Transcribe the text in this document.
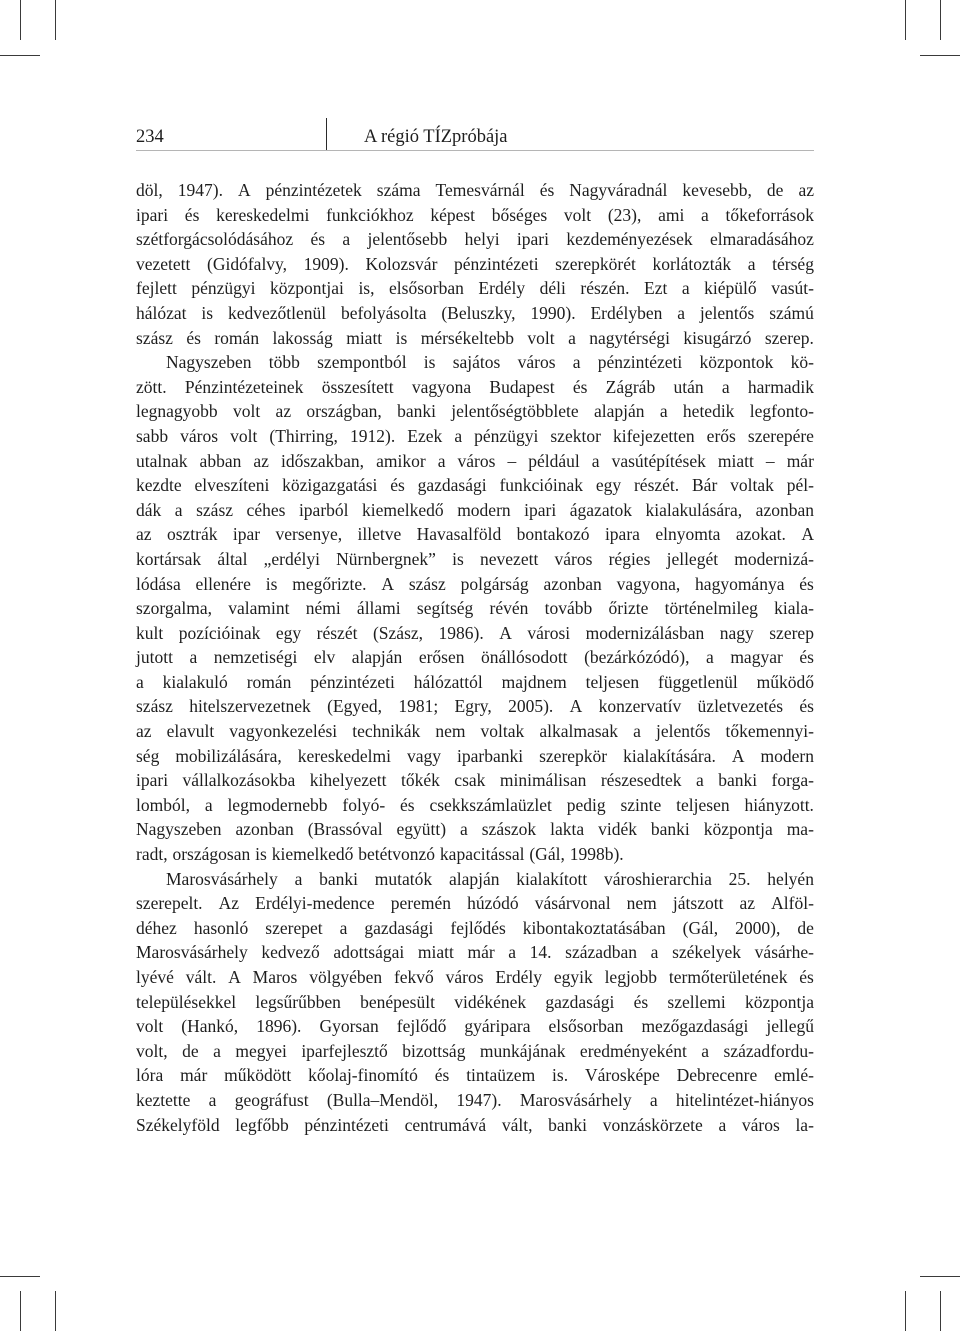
234	A régió TÍZpróbája
döl, 1947). A pénzintézetek száma Temesvárnál és Nagyváradnál kevesebb, de az
ipari és kereskedelmi funkciókhoz képest bőséges volt (23), ami a tőkeforrások
szétforgácsolódásához és a jelentősebb helyi ipari kezdeményezések elmaradásához
vezetett (Gidófalvy, 1909). Kolozsvár pénzintézeti szerepkörét korlátozták a térség
fejlett pénzügyi központjai is, elsősorban Erdély déli részén. Ezt a kiépülő vasút-
hálózat is kedvezőtlenül befolyásolta (Beluszky, 1990). Erdélyben a jelentős számú
szász és román lakosság miatt is mérsékeltebb volt a nagytérségi kisugárzó szerep.
Nagyszeben több szempontból is sajátos város a pénzintézeti központok kö-
zött. Pénzintézeteinek összesített vagyona Budapest és Zágráb után a harmadik
legnagyobb volt az országban, banki jelentőségtöbblete alapján a hetedik legfonto-
sabb város volt (Thirring, 1912). Ezek a pénzügyi szektor kifejezetten erős szerepére
utalnak abban az időszakban, amikor a város – például a vasútépítések miatt – már
kezdte elveszíteni közigazgatási és gazdasági funkcióinak egy részét. Bár voltak pél-
dák a szász céhes iparból kiemelkedő modern ipari ágazatok kialakulására, azonban
az osztrák ipar versenye, illetve Havasalföld bontakozó ipara elnyomta azokat. A
kortársak által „erdélyi Nürnbergnek” is nevezett város régies jellegét modernizá-
lódása ellenére is megőrizte. A szász polgárság azonban vagyona, hagyománya és
szorgalma, valamint némi állami segítség révén tovább őrizte történelmileg kiala-
kult pozícióinak egy részét (Szász, 1986). A városi modernizálásban nagy szerep
jutott a nemzetiségi elv alapján erősen önállósodott (bezárkózódó), a magyar és
a kialakuló román pénzintézeti hálózattól majdnem teljesen függetlenül működő
szász hitelszervezetnek (Egyed, 1981; Egry, 2005). A konzervatív üzletvezetés és
az elavult vagyonkezelési technikák nem voltak alkalmasak a jelentős tőkemennyi-
ség mobilizálására, kereskedelmi vagy iparbanki szerepkör kialakítására. A modern
ipari vállalkozásokba kihelyezett tőkék csak minimálisan részesedtek a banki forga-
lomból, a legmodernebb folyó- és csekkszámlaüzlet pedig szinte teljesen hiányzott.
Nagyszeben azonban (Brassóval együtt) a szászok lakta vidék banki központja ma-
radt, országosan is kiemelkedő betétvonzó kapacitással (Gál, 1998b).
Marosvásárhely a banki mutatók alapján kialakított városhierarchia 25. helyén
szerepelt. Az Erdélyi-medence peremén húzódó vásárvonal nem játszott az Alföl-
déhez hasonló szerepet a gazdasági fejlődés kibontakoztatásában (Gál, 2000), de
Marosvásárhely kedvező adottságai miatt már a 14. században a székelyek vásárhe-
lyévé vált. A Maros völgyében fekvő város Erdély egyik legjobb termőterületének és
településekkel legsűrűbben benépesült vidékének gazdasági és szellemi központja
volt (Hankó, 1896). Gyorsan fejlődő gyáripara elsősorban mezőgazdasági jellegű
volt, de a megyei iparfejlesztő bizottság munkájának eredményeként a századfordu-
lóra már működött kőolaj-finomító és tintaüzem is. Városképe Debrecenre emlé-
keztette a geográfust (Bulla–Mendöl, 1947). Marosvásárhely a hitelintézet-hiányos
Székelyföld legfőbb pénzintézeti centrumává vált, banki vonzáskörzete a város la-
